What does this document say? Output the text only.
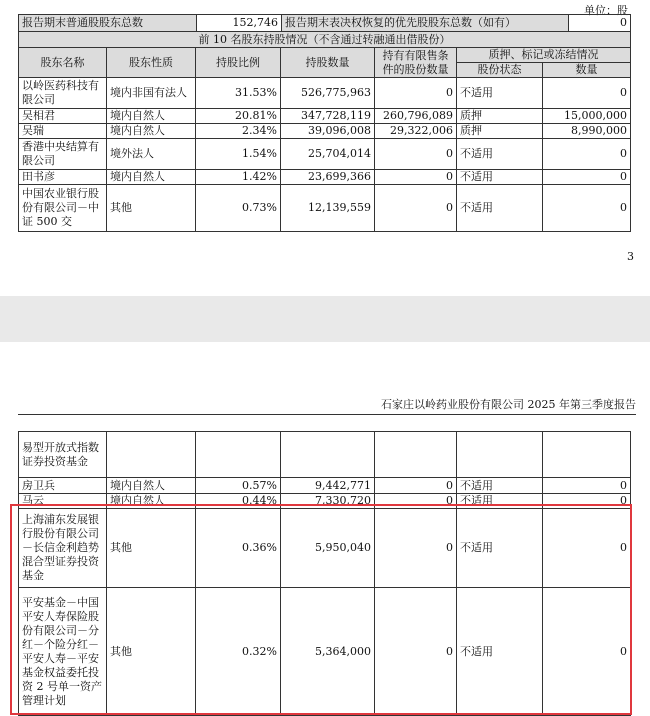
单位：股
报告期末普通股股东总数	152,746	报告期末表决权恢复的优先股股东总数（如有）	0
前 10 名股东持股情况（不含通过转融通出借股份）
股东名称	股东性质	持股比例	持股数量	持有有限售条件的股份数量	质押、标记或冻结情况	
					股份状态	数量
以岭医药科技有限公司	境内非国有法人	31.53%	526,775,963	0	不适用	0
吴相君	境内自然人	20.81%	347,728,119	260,796,089	质押	15,000,000
吴瑞	境内自然人	2.34%	39,096,008	29,322,006	质押	8,990,000
香港中央结算有限公司	境外法人	1.54%	25,704,014	0	不适用	0
田书彦	境内自然人	1.42%	23,699,366	0	不适用	0
中国农业银行股份有限公司－中证 500 交	其他	0.73%	12,139,559	0	不适用	0
3
石家庄以岭药业股份有限公司 2025 年第三季度报告
易型开放式指数证券投资基金						
房卫兵	境内自然人	0.57%	9,442,771	0	不适用	0
马云	境内自然人	0.44%	7,330,720	0	不适用	0
上海浦东发展银行股份有限公司－长信金利趋势混合型证券投资基金	其他	0.36%	5,950,040	0	不适用	0
平安基金－中国平安人寿保险股份有限公司－分红－个险分红－平安人寿－平安基金权益委托投资 2 号单一资产管理计划	其他	0.32%	5,364,000	0	不适用	0
